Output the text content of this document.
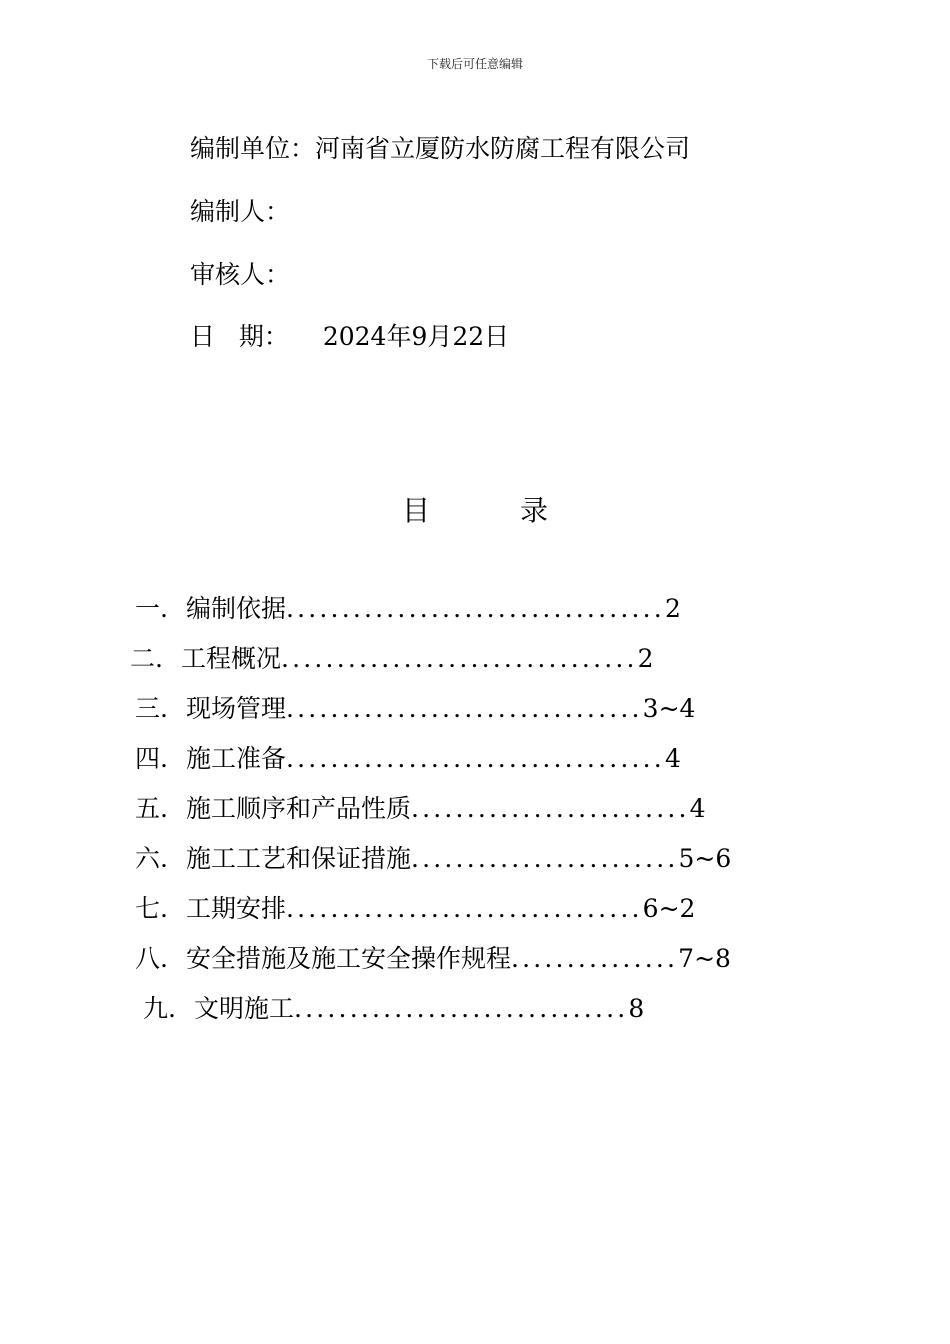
下载后可任意编辑
编制单位：河南省立厦防水防腐工程有限公司
编制人：
审核人：
日   期： 2024年9月22日
目	录
一. 编制依据..................................2
二. 工程概况................................2
三. 现场管理................................3~4
四. 施工准备..................................4
五. 施工顺序和产品性质.........................4
六. 施工工艺和保证措施........................5~6
七. 工期安排................................6~2
八. 安全措施及施工安全操作规程...............7~8
九. 文明施工..............................8
